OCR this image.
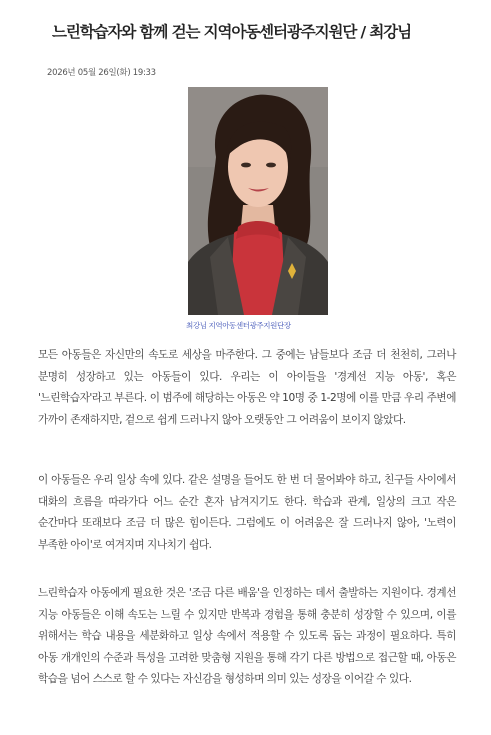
느린학습자와 함께 걷는 지역아동센터광주지원단 / 최강님
2026년 05월 26일(화) 19:33
최강님 지역아동센터광주지원단장

모든 아동들은 자신만의 속도로 세상을 마주한다. 그 중에는 남들보다 조금 더 천천히, 그러나 분명히 성장하고 있는 아동들이 있다. 우리는 이 아이들을 '경계선 지능 아동', 혹은 '느린학습자'라고 부른다. 이 범주에 해당하는 아동은 약 10명 중 1-2명에 이를 만큼 우리 주변에 가까이 존재하지만, 겉으로 쉽게 드러나지 않아 오랫동안 그 어려움이 보이지 않았다.

이 아동들은 우리 일상 속에 있다. 같은 설명을 들어도 한 번 더 물어봐야 하고, 친구들 사이에서 대화의 흐름을 따라가다 어느 순간 혼자 남겨지기도 한다. 학습과 관계, 일상의 크고 작은 순간마다 또래보다 조금 더 많은 힘이든다. 그럼에도 이 어려움은 잘 드러나지 않아, '노력이 부족한 아이'로 여겨지며 지나치기 쉽다.

느린학습자 아동에게 필요한 것은 '조금 다른 배움'을 인정하는 데서 출발하는 지원이다. 경계선 지능 아동들은 이해 속도는 느릴 수 있지만 반복과 경험을 통해 충분히 성장할 수 있으며, 이를 위해서는 학습 내용을 세분화하고 일상 속에서 적용할 수 있도록 돕는 과정이 필요하다. 특히 아동 개개인의 수준과 특성을 고려한 맞춤형 지원을 통해 각기 다른 방법으로 접근할 때, 아동은 학습을 넘어 스스로 할 수 있다는 자신감을 형성하며 의미 있는 성장을 이어갈 수 있다.
